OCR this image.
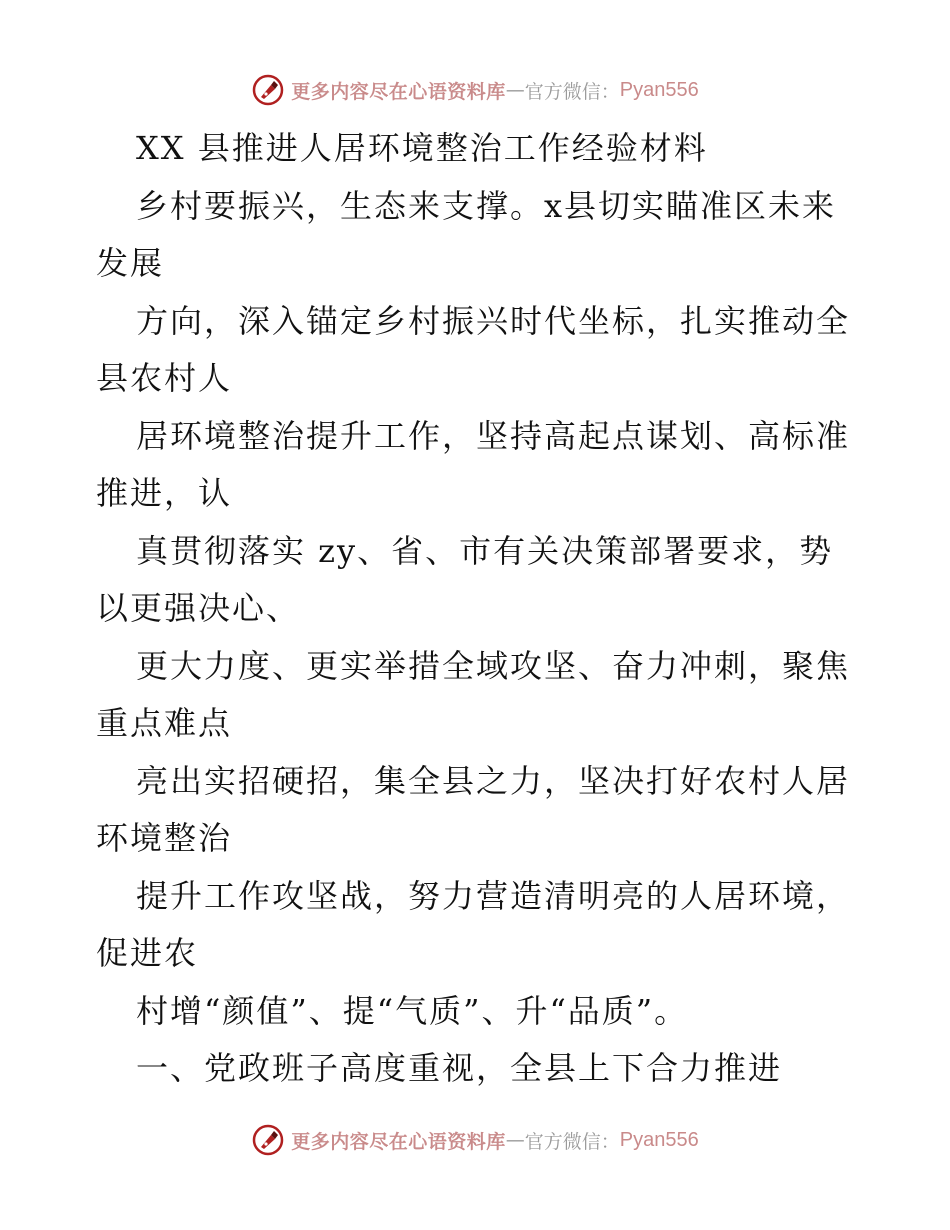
更多内容尽在心语资料库 — 官方微信： Pyan556
XX 县推进人居环境整治工作经验材料
乡村要振兴，生态来支撑。x县切实瞄准区未来
发展
方向，深入锚定乡村振兴时代坐标，扎实推动全
县农村人
居环境整治提升工作，坚持高起点谋划、高标准
推进，认
真贯彻落实 zy、省、市有关决策部署要求，势
以更强决心、
更大力度、更实举措全域攻坚、奋力冲刺，聚焦
重点难点
亮出实招硬招，集全县之力，坚决打好农村人居
环境整治
提升工作攻坚战，努力营造清明亮的人居环境，
促进农
村增“颜值”、提“气质”、升“品质”。
一、党政班子高度重视，全县上下合力推进
更多内容尽在心语资料库 — 官方微信： Pyan556
